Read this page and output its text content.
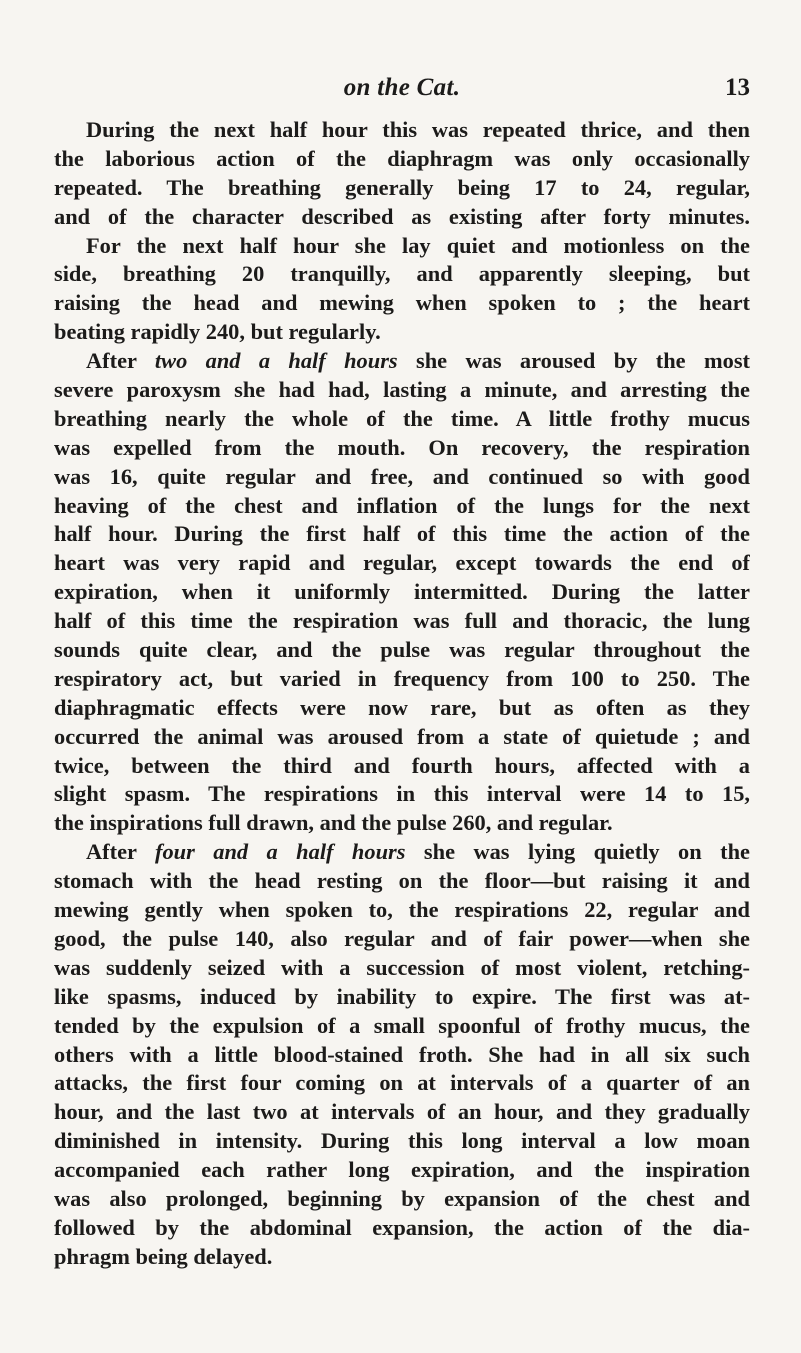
on the Cat.	13
During the next half hour this was repeated thrice, and then
the laborious action of the diaphragm was only occasionally
repeated. The breathing generally being 17 to 24, regular,
and of the character described as existing after forty minutes.
For the next half hour she lay quiet and motionless on the
side, breathing 20 tranquilly, and apparently sleeping, but
raising the head and mewing when spoken to ; the heart
beating rapidly 240, but regularly.
After two and a half hours she was aroused by the most
severe paroxysm she had had, lasting a minute, and arresting the
breathing nearly the whole of the time. A little frothy mucus
was expelled from the mouth. On recovery, the respiration
was 16, quite regular and free, and continued so with good
heaving of the chest and inflation of the lungs for the next
half hour. During the first half of this time the action of the
heart was very rapid and regular, except towards the end of
expiration, when it uniformly intermitted. During the latter
half of this time the respiration was full and thoracic, the lung
sounds quite clear, and the pulse was regular throughout the
respiratory act, but varied in frequency from 100 to 250. The
diaphragmatic effects were now rare, but as often as they
occurred the animal was aroused from a state of quietude ; and
twice, between the third and fourth hours, affected with a
slight spasm. The respirations in this interval were 14 to 15,
the inspirations full drawn, and the pulse 260, and regular.
After four and a half hours she was lying quietly on the
stomach with the head resting on the floor—but raising it and
mewing gently when spoken to, the respirations 22, regular and
good, the pulse 140, also regular and of fair power—when she
was suddenly seized with a succession of most violent, retching-
like spasms, induced by inability to expire. The first was at-
tended by the expulsion of a small spoonful of frothy mucus, the
others with a little blood-stained froth. She had in all six such
attacks, the first four coming on at intervals of a quarter of an
hour, and the last two at intervals of an hour, and they gradually
diminished in intensity. During this long interval a low moan
accompanied each rather long expiration, and the inspiration
was also prolonged, beginning by expansion of the chest and
followed by the abdominal expansion, the action of the dia-
phragm being delayed.
